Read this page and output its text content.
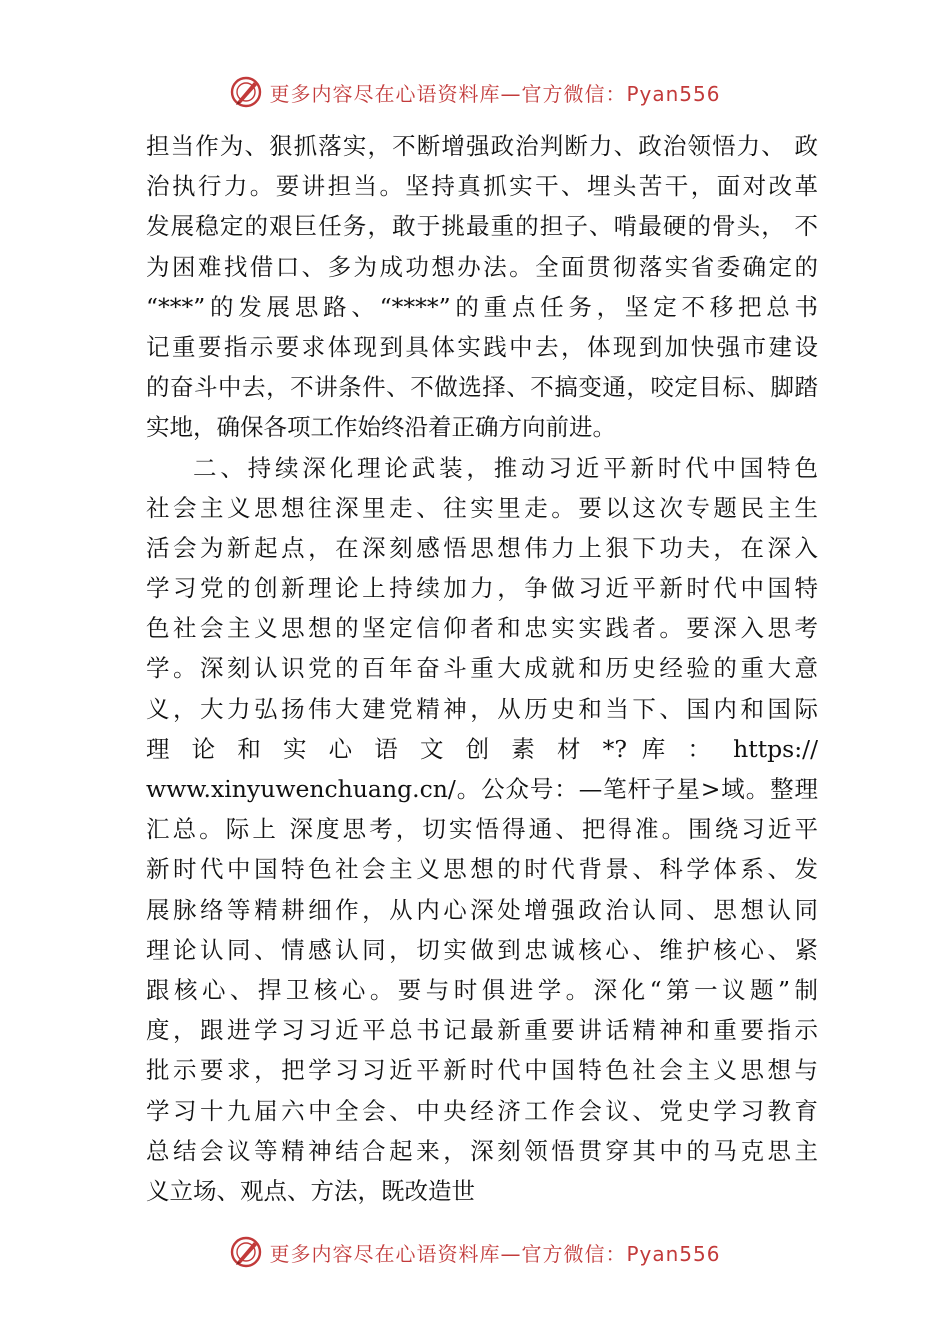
更多内容尽在心语资料库—官方微信：Pyan556
担当作为、狠抓落实，不断增强政治判断力、政治领悟力、 政
治执行力。要讲担当。坚持真抓实干、埋头苦干，面对改革
发展稳定的艰巨任务，敢于挑最重的担子、啃最硬的骨头， 不
为困难找借口、多为成功想办法。全面贯彻落实省委确定的
“***”的发展思路、“****”的重点任务，坚定不移把总书
记重要指示要求体现到具体实践中去，体现到加快强市建设
的奋斗中去，不讲条件、不做选择、不搞变通，咬定目标、脚踏
实地，确保各项工作始终沿着正确方向前进。
二、持续深化理论武装，推动习近平新时代中国特色
社会主义思想往深里走、往实里走。要以这次专题民主生
活会为新起点，在深刻感悟思想伟力上狠下功夫，在深入
学习党的创新理论上持续加力，争做习近平新时代中国特
色社会主义思想的坚定信仰者和忠实实践者。要深入思考
学。深刻认识党的百年奋斗重大成就和历史经验的重大意
义，大力弘扬伟大建党精神，从历史和当下、国内和国际
理 论 和 实 心 语 文 创 素 材 *? 库 ： https://
www.xinyuwenchuang.cn/。公众号：—笔杆子星>域。整理
汇总。际上 深度思考，切实悟得通、把得准。围绕习近平
新时代中国特色社会主义思想的时代背景、科学体系、发
展脉络等精耕细作，从内心深处增强政治认同、思想认同
理论认同、情感认同，切实做到忠诚核心、维护核心、紧
跟核心、捍卫核心。要与时俱进学。深化“第一议题”制
度，跟进学习习近平总书记最新重要讲话精神和重要指示
批示要求，把学习习近平新时代中国特色社会主义思想与
学习十九届六中全会、中央经济工作会议、党史学习教育
总结会议等精神结合起来，深刻领悟贯穿其中的马克思主
义立场、观点、方法，既改造世
更多内容尽在心语资料库—官方微信：Pyan556
